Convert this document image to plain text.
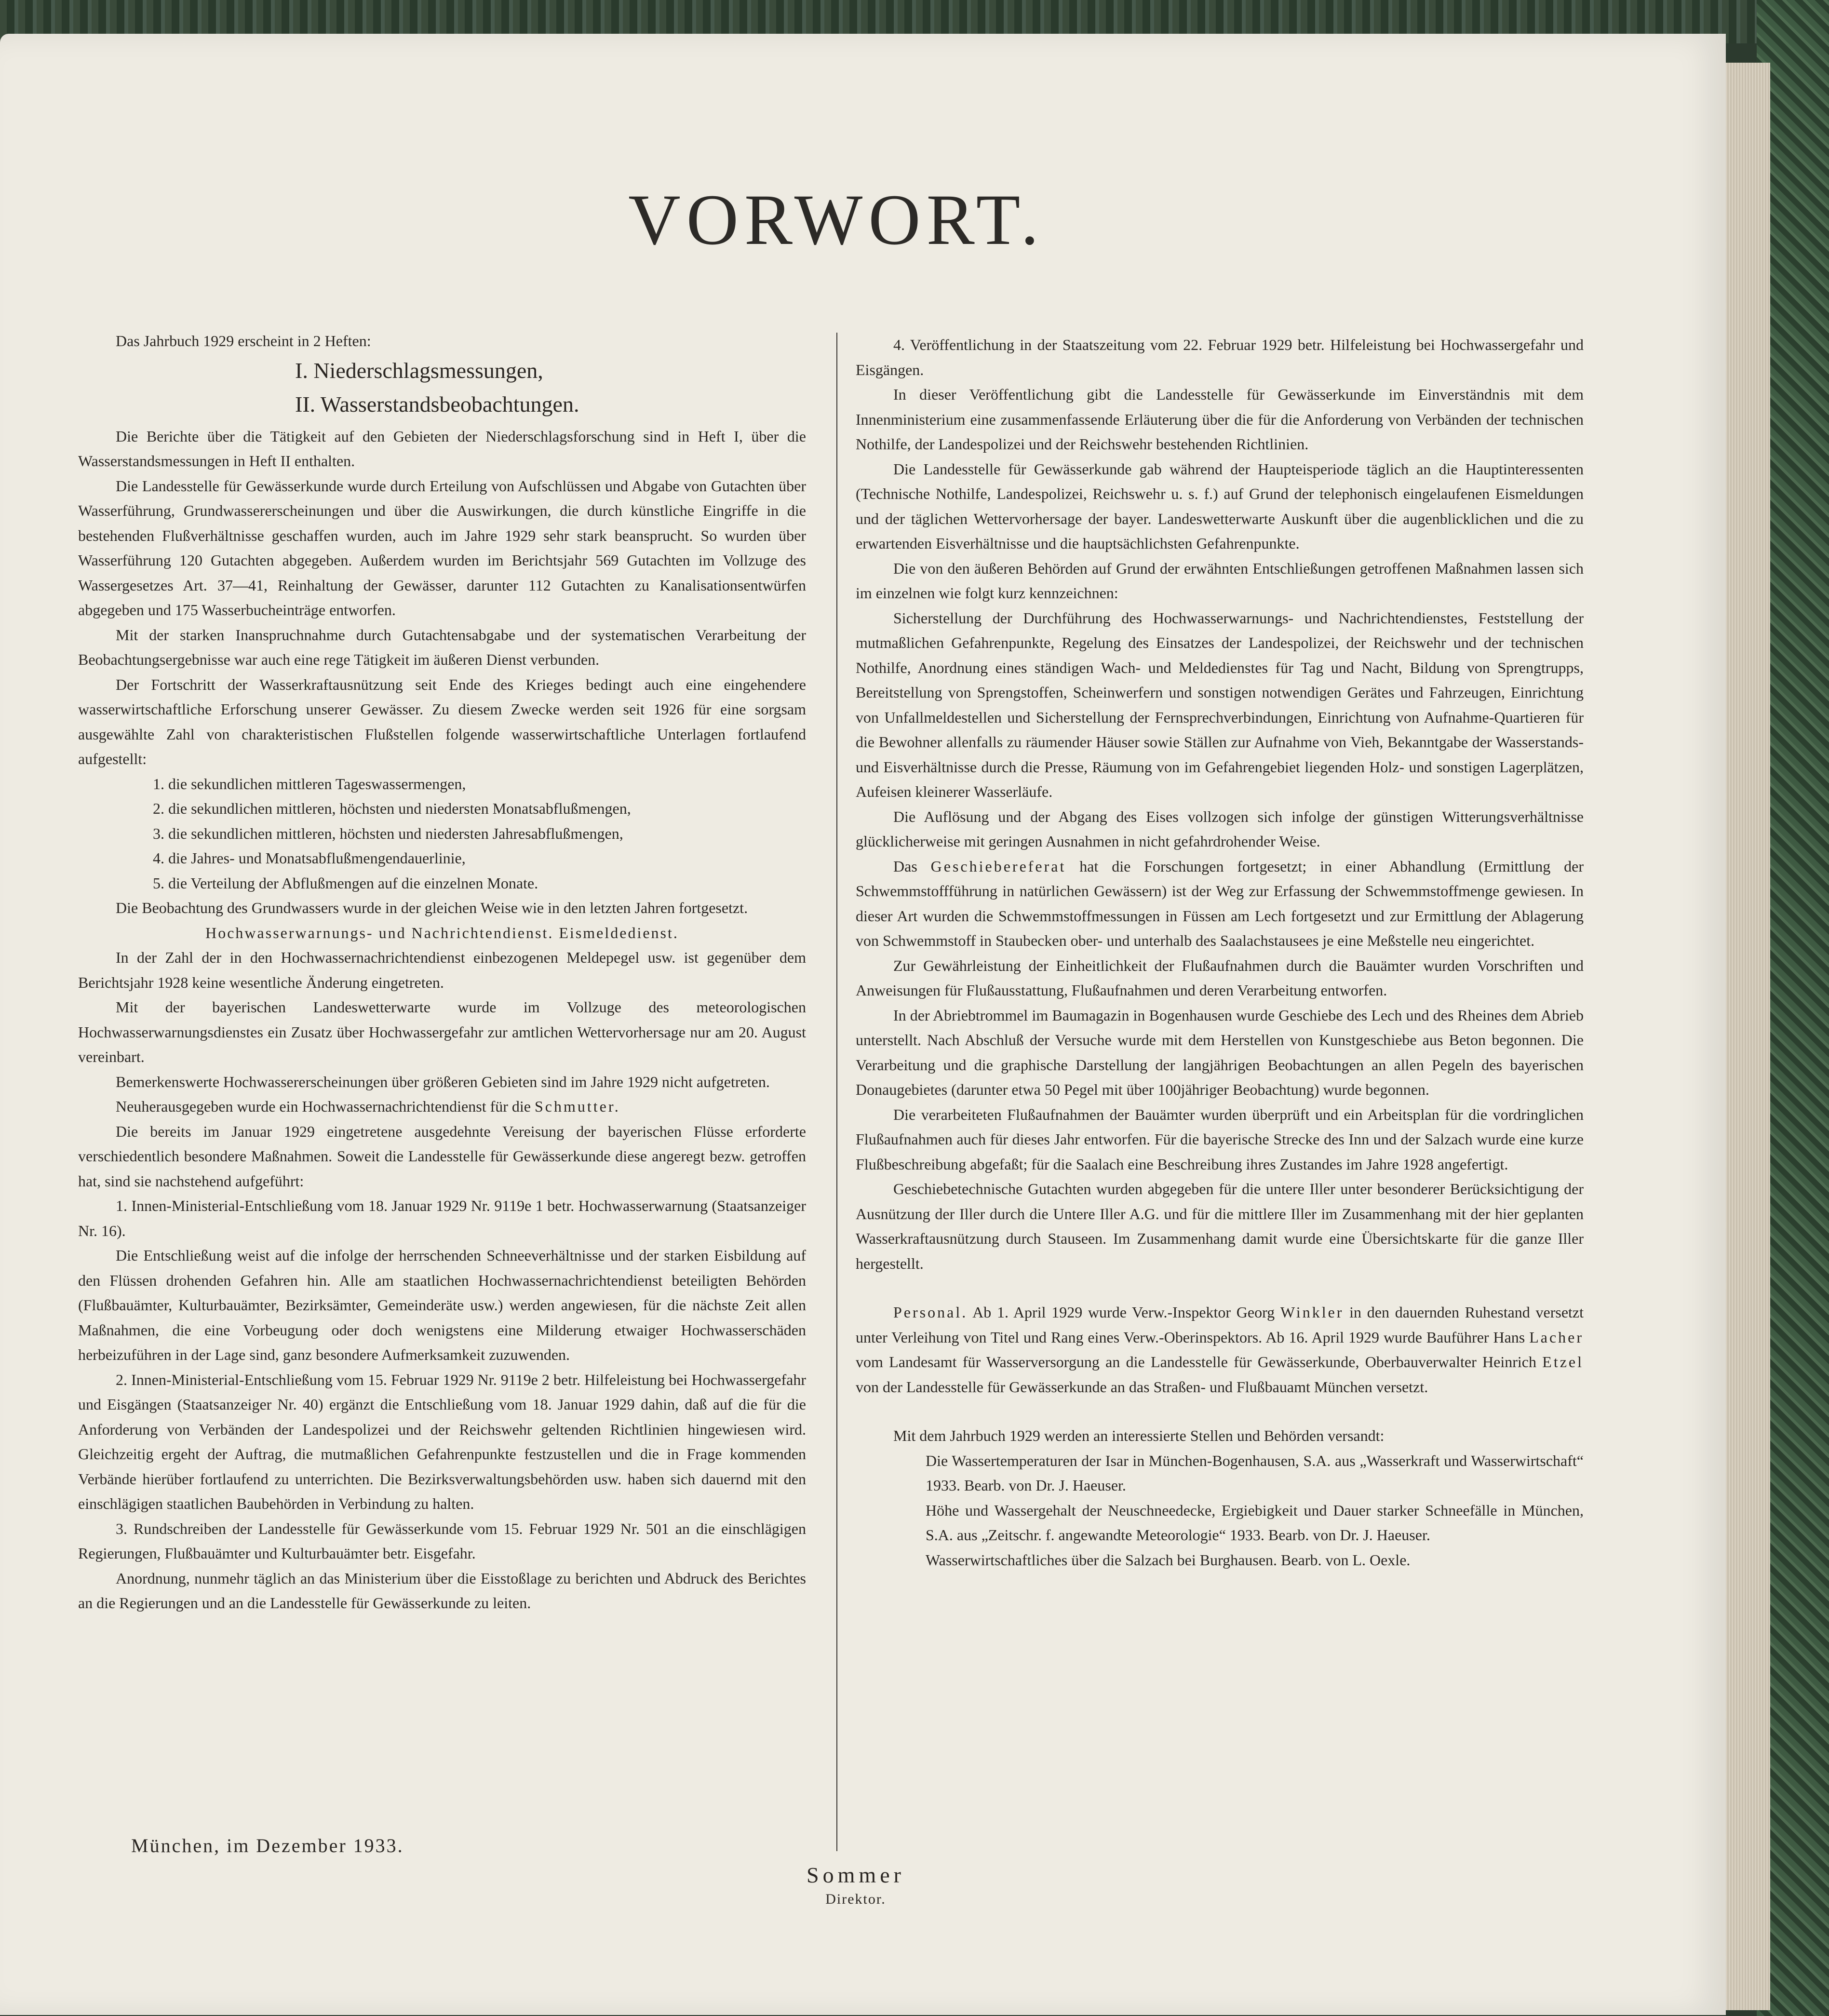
VORWORT.

Das Jahrbuch 1929 erscheint in 2 Heften:

I. Niederschlagsmessungen,
II. Wasserstandsbeobachtungen.

Die Berichte über die Tätigkeit auf den Gebieten der Niederschlagsforschung sind in Heft I, über die Wasserstandsmessungen in Heft II enthalten.

Die Landesstelle für Gewässerkunde wurde durch Erteilung von Aufschlüssen und Abgabe von Gutachten über Wasserführung, Grundwassererscheinungen und über die Auswirkungen, die durch künstliche Eingriffe in die bestehenden Flußverhältnisse geschaffen wurden, auch im Jahre 1929 sehr stark beansprucht. So wurden über Wasserführung 120 Gutachten abgegeben. Außerdem wurden im Berichtsjahr 569 Gutachten im Vollzuge des Wassergesetzes Art. 37—41, Reinhaltung der Gewässer, darunter 112 Gutachten zu Kanalisationsentwürfen abgegeben und 175 Wasserbucheinträge entworfen.

Mit der starken Inanspruchnahme durch Gutachtensabgabe und der systematischen Verarbeitung der Beobachtungsergebnisse war auch eine rege Tätigkeit im äußeren Dienst verbunden.

Der Fortschritt der Wasserkraftausnützung seit Ende des Krieges bedingt auch eine eingehendere wasserwirtschaftliche Erforschung unserer Gewässer. Zu diesem Zwecke werden seit 1926 für eine sorgsam ausgewählte Zahl von charakteristischen Flußstellen folgende wasserwirtschaftliche Unterlagen fortlaufend aufgestellt:

1. die sekundlichen mittleren Tageswassermengen,
2. die sekundlichen mittleren, höchsten und niedersten Monatsabflußmengen,
3. die sekundlichen mittleren, höchsten und niedersten Jahresabflußmengen,
4. die Jahres- und Monatsabflußmengendauerlinie,
5. die Verteilung der Abflußmengen auf die einzelnen Monate.

Die Beobachtung des Grundwassers wurde in der gleichen Weise wie in den letzten Jahren fortgesetzt.

Hochwasserwarnungs- und Nachrichtendienst. Eismeldedienst.

In der Zahl der in den Hochwassernachrichtendienst einbezogenen Meldepegel usw. ist gegenüber dem Berichtsjahr 1928 keine wesentliche Änderung eingetreten.

Mit der bayerischen Landeswetterwarte wurde im Vollzuge des meteorologischen Hochwasserwarnungsdienstes ein Zusatz über Hochwassergefahr zur amtlichen Wettervorhersage nur am 20. August vereinbart.

Bemerkenswerte Hochwassererscheinungen über größeren Gebieten sind im Jahre 1929 nicht aufgetreten.

Neuherausgegeben wurde ein Hochwassernachrichtendienst für die Schmutter.

Die bereits im Januar 1929 eingetretene ausgedehnte Vereisung der bayerischen Flüsse erforderte verschiedentlich besondere Maßnahmen. Soweit die Landesstelle für Gewässerkunde diese angeregt bezw. getroffen hat, sind sie nachstehend aufgeführt:

1. Innen-Ministerial-Entschließung vom 18. Januar 1929 Nr. 9119e 1 betr. Hochwasserwarnung (Staatsanzeiger Nr. 16).

Die Entschließung weist auf die infolge der herrschenden Schneeverhältnisse und der starken Eisbildung auf den Flüssen drohenden Gefahren hin. Alle am staatlichen Hochwassernachrichtendienst beteiligten Behörden (Flußbauämter, Kulturbauämter, Bezirksämter, Gemeinderäte usw.) werden angewiesen, für die nächste Zeit allen Maßnahmen, die eine Vorbeugung oder doch wenigstens eine Milderung etwaiger Hochwasserschäden herbeizuführen in der Lage sind, ganz besondere Aufmerksamkeit zuzuwenden.

2. Innen-Ministerial-Entschließung vom 15. Februar 1929 Nr. 9119e 2 betr. Hilfeleistung bei Hochwassergefahr und Eisgängen (Staatsanzeiger Nr. 40) ergänzt die Entschließung vom 18. Januar 1929 dahin, daß auf die für die Anforderung von Verbänden der Landespolizei und der Reichswehr geltenden Richtlinien hingewiesen wird. Gleichzeitig ergeht der Auftrag, die mutmaßlichen Gefahrenpunkte festzustellen und die in Frage kommenden Verbände hierüber fortlaufend zu unterrichten. Die Bezirksverwaltungsbehörden usw. haben sich dauernd mit den einschlägigen staatlichen Baubehörden in Verbindung zu halten.

3. Rundschreiben der Landesstelle für Gewässerkunde vom 15. Februar 1929 Nr. 501 an die einschlägigen Regierungen, Flußbauämter und Kulturbauämter betr. Eisgefahr.

Anordnung, nunmehr täglich an das Ministerium über die Eisstoßlage zu berichten und Abdruck des Berichtes an die Regierungen und an die Landesstelle für Gewässerkunde zu leiten.

4. Veröffentlichung in der Staatszeitung vom 22. Februar 1929 betr. Hilfeleistung bei Hochwassergefahr und Eisgängen.

In dieser Veröffentlichung gibt die Landesstelle für Gewässerkunde im Einverständnis mit dem Innenministerium eine zusammenfassende Erläuterung über die für die Anforderung von Verbänden der technischen Nothilfe, der Landespolizei und der Reichswehr bestehenden Richtlinien.

Die Landesstelle für Gewässerkunde gab während der Haupteisperiode täglich an die Hauptinteressenten (Technische Nothilfe, Landespolizei, Reichswehr u. s. f.) auf Grund der telephonisch eingelaufenen Eismeldungen und der täglichen Wettervorhersage der bayer. Landeswetterwarte Auskunft über die augenblicklichen und die zu erwartenden Eisverhältnisse und die hauptsächlichsten Gefahrenpunkte.

Die von den äußeren Behörden auf Grund der erwähnten Entschließungen getroffenen Maßnahmen lassen sich im einzelnen wie folgt kurz kennzeichnen:

Sicherstellung der Durchführung des Hochwasserwarnungs- und Nachrichtendienstes, Feststellung der mutmaßlichen Gefahrenpunkte, Regelung des Einsatzes der Landespolizei, der Reichswehr und der technischen Nothilfe, Anordnung eines ständigen Wach- und Meldedienstes für Tag und Nacht, Bildung von Sprengtrupps, Bereitstellung von Sprengstoffen, Scheinwerfern und sonstigen notwendigen Gerätes und Fahrzeugen, Einrichtung von Unfallmeldestellen und Sicherstellung der Fernsprechverbindungen, Einrichtung von Aufnahme-Quartieren für die Bewohner allenfalls zu räumender Häuser sowie Ställen zur Aufnahme von Vieh, Bekanntgabe der Wasserstands- und Eisverhältnisse durch die Presse, Räumung von im Gefahrengebiet liegenden Holz- und sonstigen Lagerplätzen, Aufeisen kleinerer Wasserläufe.

Die Auflösung und der Abgang des Eises vollzogen sich infolge der günstigen Witterungsverhältnisse glücklicherweise mit geringen Ausnahmen in nicht gefahrdrohender Weise.

Das Geschiebereferat hat die Forschungen fortgesetzt; in einer Abhandlung (Ermittlung der Schwemmstoffführung in natürlichen Gewässern) ist der Weg zur Erfassung der Schwemmstoffmenge gewiesen. In dieser Art wurden die Schwemmstoffmessungen in Füssen am Lech fortgesetzt und zur Ermittlung der Ablagerung von Schwemmstoff in Staubecken ober- und unterhalb des Saalachstausees je eine Meßstelle neu eingerichtet.

Zur Gewährleistung der Einheitlichkeit der Flußaufnahmen durch die Bauämter wurden Vorschriften und Anweisungen für Flußausstattung, Flußaufnahmen und deren Verarbeitung entworfen.

In der Abriebtrommel im Baumagazin in Bogenhausen wurde Geschiebe des Lech und des Rheines dem Abrieb unterstellt. Nach Abschluß der Versuche wurde mit dem Herstellen von Kunstgeschiebe aus Beton begonnen. Die Verarbeitung und die graphische Darstellung der langjährigen Beobachtungen an allen Pegeln des bayerischen Donaugebietes (darunter etwa 50 Pegel mit über 100jähriger Beobachtung) wurde begonnen.

Die verarbeiteten Flußaufnahmen der Bauämter wurden überprüft und ein Arbeitsplan für die vordringlichen Flußaufnahmen auch für dieses Jahr entworfen. Für die bayerische Strecke des Inn und der Salzach wurde eine kurze Flußbeschreibung abgefaßt; für die Saalach eine Beschreibung ihres Zustandes im Jahre 1928 angefertigt.

Geschiebetechnische Gutachten wurden abgegeben für die untere Iller unter besonderer Berücksichtigung der Ausnützung der Iller durch die Untere Iller A.G. und für die mittlere Iller im Zusammenhang mit der hier geplanten Wasserkraftausnützung durch Stauseen. Im Zusammenhang damit wurde eine Übersichtskarte für die ganze Iller hergestellt.

Personal. Ab 1. April 1929 wurde Verw.-Inspektor Georg Winkler in den dauernden Ruhestand versetzt unter Verleihung von Titel und Rang eines Verw.-Oberinspektors. Ab 16. April 1929 wurde Bauführer Hans Lacher vom Landesamt für Wasserversorgung an die Landesstelle für Gewässerkunde, Oberbauverwalter Heinrich Etzel von der Landesstelle für Gewässerkunde an das Straßen- und Flußbauamt München versetzt.

Mit dem Jahrbuch 1929 werden an interessierte Stellen und Behörden versandt:

Die Wassertemperaturen der Isar in München-Bogenhausen, S.A. aus „Wasserkraft und Wasserwirtschaft“ 1933. Bearb. von Dr. J. Haeuser.

Höhe und Wassergehalt der Neuschneedecke, Ergiebigkeit und Dauer starker Schneefälle in München, S.A. aus „Zeitschr. f. angewandte Meteorologie“ 1933. Bearb. von Dr. J. Haeuser.

Wasserwirtschaftliches über die Salzach bei Burghausen. Bearb. von L. Oexle.

München, im Dezember 1933.
Sommer
Direktor.
